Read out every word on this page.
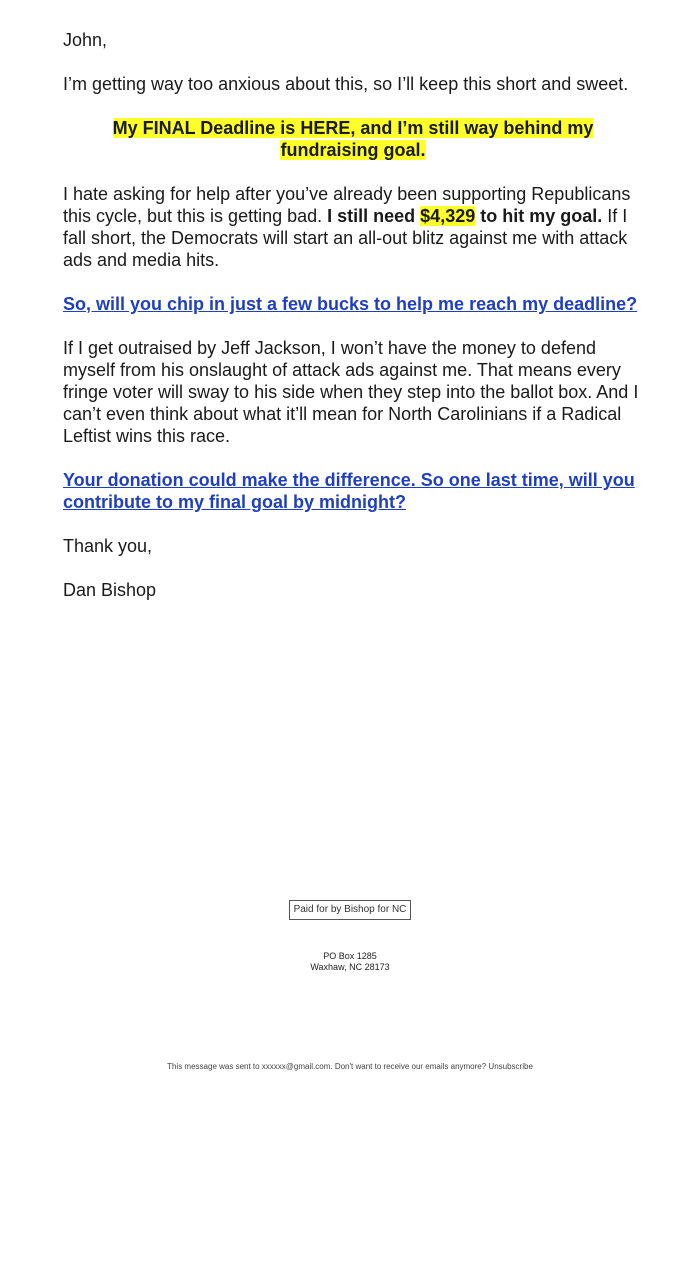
John,

I’m getting way too anxious about this, so I’ll keep this short and sweet.

My FINAL Deadline is HERE, and I’m still way behind my fundraising goal.

I hate asking for help after you’ve already been supporting Republicans this cycle, but this is getting bad. I still need $4,329 to hit my goal. If I fall short, the Democrats will start an all-out blitz against me with attack ads and media hits.

So, will you chip in just a few bucks to help me reach my deadline?

If I get outraised by Jeff Jackson, I won’t have the money to defend myself from his onslaught of attack ads against me. That means every fringe voter will sway to his side when they step into the ballot box. And I can’t even think about what it’ll mean for North Carolinians if a Radical Leftist wins this race.

Your donation could make the difference. So one last time, will you contribute to my final goal by midnight?

Thank you,

Dan Bishop

Paid for by Bishop for NC
PO Box 1285
Waxhaw, NC 28173
This message was sent to xxxxxx@gmail.com. Don't want to receive our emails anymore? Unsubscribe
